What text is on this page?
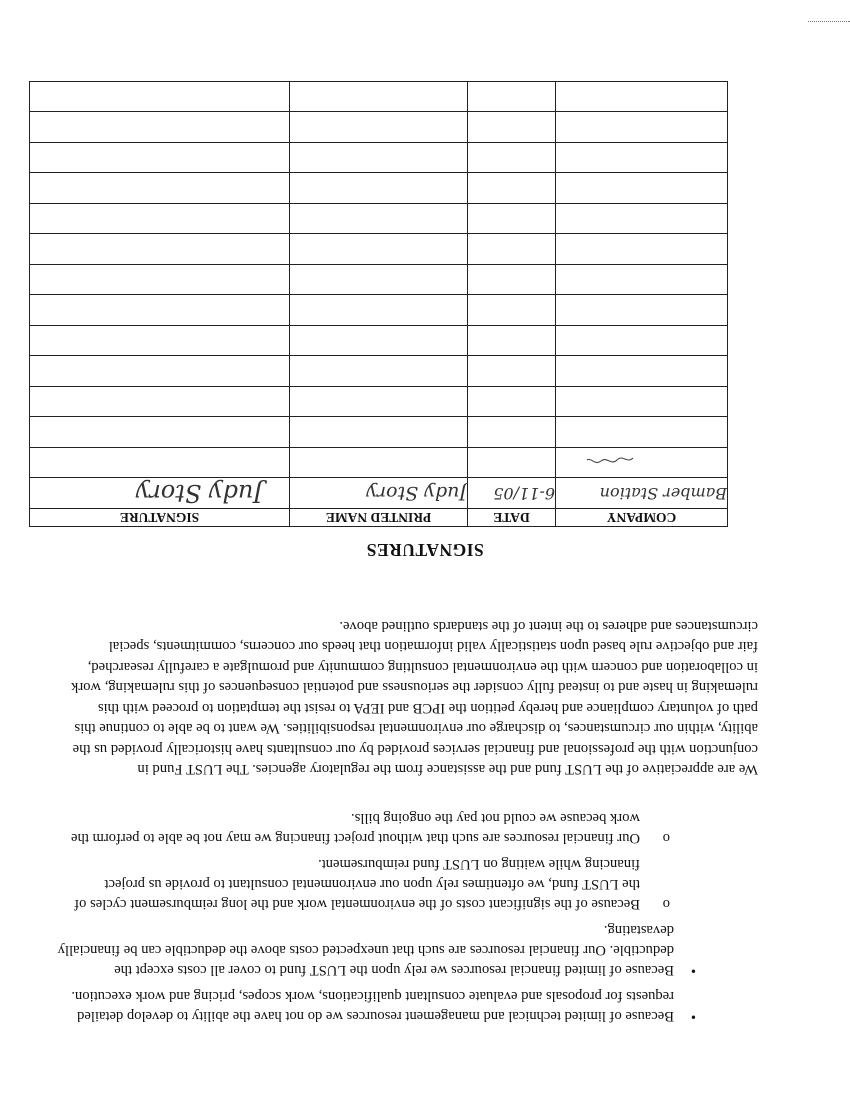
•
Because of limited technical and management resources we do not have the ability to develop detailed requests for proposals and evaluate consultant qualifications, work scopes, pricing and work execution.
•
Because of limited financial resources we rely upon the LUST fund to cover all costs except the deductible. Our financial resources are such that unexpected costs above the deductible can be financially devastating.
o
Because of the significant costs of the environmental work and the long reimbursement cycles of the LUST fund, we oftentimes rely upon our environmental consultant to provide us project financing while waiting on LUST fund reimbursement.
o
Our financial resources are such that without project financing we may not be able to perform the work because we could not pay the ongoing bills.

We are appreciative of the LUST fund and the assistance from the regulatory agencies. The LUST Fund in conjunction with the professional and financial services provided by our consultants have historically provided us the ability, within our circumstances, to discharge our environmental responsibilities. We want to be able to continue this path of voluntary compliance and hereby petition the IPCB and IEPA to resist the temptation to proceed with this rulemaking in haste and to instead fully consider the seriousness and potential consequences of this rulemaking, work in collaboration and concern with the environmental consulting community and promulgate a carefully researched, fair and objective rule based upon statistically valid information that heeds our concerns, commitments, special circumstances and adheres to the intent of the standards outlined above.

SIGNATURES
COMPANY	DATE	PRINTED NAME	SIGNATURE
Bamber Station	6-11/05	Judy Story	Judy Story
